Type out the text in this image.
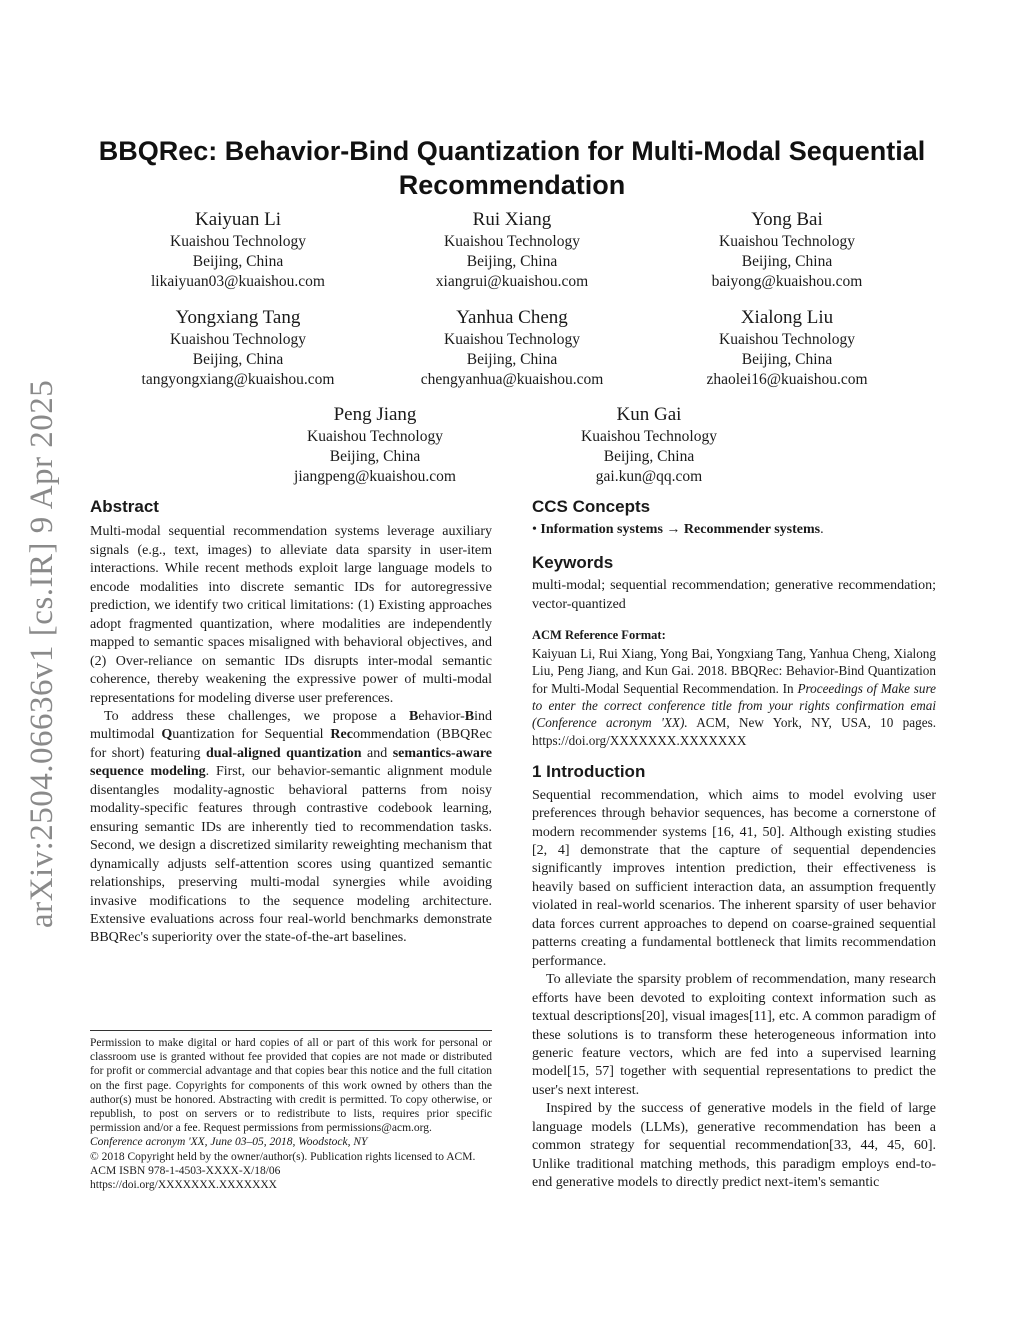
arXiv:2504.06636v1 [cs.IR] 9 Apr 2025
BBQRec: Behavior-Bind Quantization for Multi-Modal Sequential Recommendation
Kaiyuan Li
Kuaishou Technology
Beijing, China
likaiyuan03@kuaishou.com
Rui Xiang
Kuaishou Technology
Beijing, China
xiangrui@kuaishou.com
Yong Bai
Kuaishou Technology
Beijing, China
baiyong@kuaishou.com
Yongxiang Tang
Kuaishou Technology
Beijing, China
tangyongxiang@kuaishou.com
Yanhua Cheng
Kuaishou Technology
Beijing, China
chengyanhua@kuaishou.com
Xialong Liu
Kuaishou Technology
Beijing, China
zhaolei16@kuaishou.com
Peng Jiang
Kuaishou Technology
Beijing, China
jiangpeng@kuaishou.com
Kun Gai
Kuaishou Technology
Beijing, China
gai.kun@qq.com
Abstract

Multi-modal sequential recommendation systems leverage auxiliary signals (e.g., text, images) to alleviate data sparsity in user-item interactions. While recent methods exploit large language models to encode modalities into discrete semantic IDs for autoregressive prediction, we identify two critical limitations: (1) Existing approaches adopt fragmented quantization, where modalities are independently mapped to semantic spaces misaligned with behavioral objectives, and (2) Over-reliance on semantic IDs disrupts inter-modal semantic coherence, thereby weakening the expressive power of multi-modal representations for modeling diverse user preferences.

To address these challenges, we propose a Behavior-Bind multimodal Quantization for Sequential Recommendation (BBQRec for short) featuring dual-aligned quantization and semantics-aware sequence modeling. First, our behavior-semantic alignment module disentangles modality-agnostic behavioral patterns from noisy modality-specific features through contrastive codebook learning, ensuring semantic IDs are inherently tied to recommendation tasks. Second, we design a discretized similarity reweighting mechanism that dynamically adjusts self-attention scores using quantized semantic relationships, preserving multi-modal synergies while avoiding invasive modifications to the sequence modeling architecture. Extensive evaluations across four real-world benchmarks demonstrate BBQRec's superiority over the state-of-the-art baselines.

Permission to make digital or hard copies of all or part of this work for personal or classroom use is granted without fee provided that copies are not made or distributed for profit or commercial advantage and that copies bear this notice and the full citation on the first page. Copyrights for components of this work owned by others than the author(s) must be honored. Abstracting with credit is permitted. To copy otherwise, or republish, to post on servers or to redistribute to lists, requires prior specific permission and/or a fee. Request permissions from permissions@acm.org.

Conference acronym 'XX, June 03–05, 2018, Woodstock, NY

© 2018 Copyright held by the owner/author(s). Publication rights licensed to ACM.

ACM ISBN 978-1-4503-XXXX-X/18/06

https://doi.org/XXXXXXX.XXXXXXX

CCS Concepts

• Information systems → Recommender systems.

Keywords

multi-modal; sequential recommendation; generative recommendation; vector-quantized

ACM Reference Format:

Kaiyuan Li, Rui Xiang, Yong Bai, Yongxiang Tang, Yanhua Cheng, Xialong Liu, Peng Jiang, and Kun Gai. 2018. BBQRec: Behavior-Bind Quantization for Multi-Modal Sequential Recommendation. In Proceedings of Make sure to enter the correct conference title from your rights confirmation emai (Conference acronym 'XX). ACM, New York, NY, USA, 10 pages. https://doi.org/XXXXXXX.XXXXXXX

1 Introduction

Sequential recommendation, which aims to model evolving user preferences through behavior sequences, has become a cornerstone of modern recommender systems [16, 41, 50]. Although existing studies [2, 4] demonstrate that the capture of sequential dependencies significantly improves intention prediction, their effectiveness is heavily based on sufficient interaction data, an assumption frequently violated in real-world scenarios. The inherent sparsity of user behavior data forces current approaches to depend on coarse-grained sequential patterns creating a fundamental bottleneck that limits recommendation performance.

To alleviate the sparsity problem of recommendation, many research efforts have been devoted to exploiting context information such as textual descriptions[20], visual images[11], etc. A common paradigm of these solutions is to transform these heterogeneous information into generic feature vectors, which are fed into a supervised learning model[15, 57] together with sequential representations to predict the user's next interest.

Inspired by the success of generative models in the field of large language models (LLMs), generative recommendation has been a common strategy for sequential recommendation[33, 44, 45, 60]. Unlike traditional matching methods, this paradigm employs end-to-end generative models to directly predict next-item's semantic
